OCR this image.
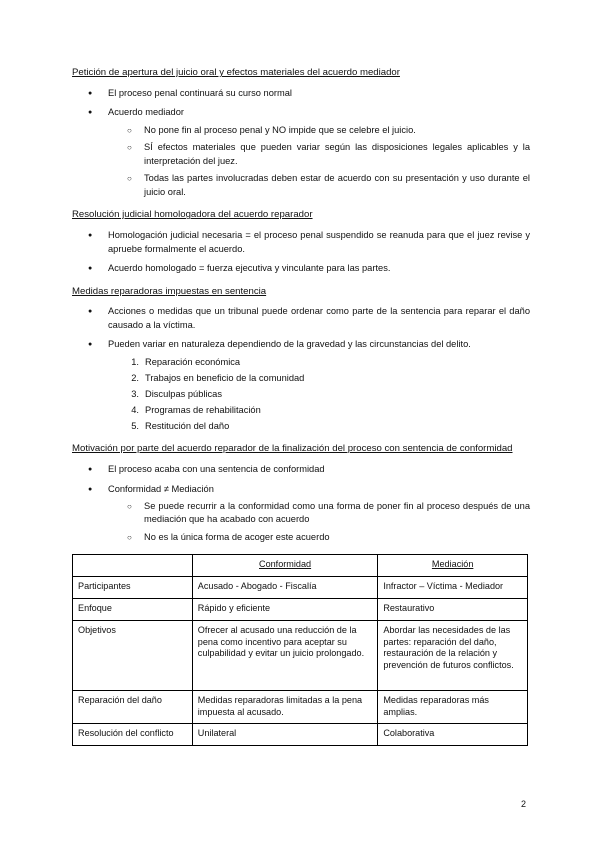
Petición de apertura del juicio oral y efectos materiales del acuerdo mediador
● El proceso penal continuará su curso normal
● Acuerdo mediador
○ No pone fin al proceso penal y NO impide que se celebre el juicio.
○ SÍ efectos materiales que pueden variar según las disposiciones legales aplicables y la interpretación del juez.
○ Todas las partes involucradas deben estar de acuerdo con su presentación y uso durante el juicio oral.
Resolución judicial homologadora del acuerdo reparador
● Homologación judicial necesaria = el proceso penal suspendido se reanuda para que el juez revise y apruebe formalmente el acuerdo.
● Acuerdo homologado = fuerza ejecutiva y vinculante para las partes.
Medidas reparadoras impuestas en sentencia
● Acciones o medidas que un tribunal puede ordenar como parte de la sentencia para reparar el daño causado a la víctima.
● Pueden variar en naturaleza dependiendo de la gravedad y las circunstancias del delito.
1. Reparación económica
2. Trabajos en beneficio de la comunidad
3. Disculpas públicas
4. Programas de rehabilitación
5. Restitución del daño
Motivación por parte del acuerdo reparador de la finalización del proceso con sentencia de conformidad
● El proceso acaba con una sentencia de conformidad
● Conformidad ≠ Mediación
○ Se puede recurrir a la conformidad como una forma de poner fin al proceso después de una mediación que ha acabado con acuerdo
○ No es la única forma de acoger este acuerdo
	Conformidad	Mediación
Participantes	Acusado - Abogado - Fiscalía	Infractor – Víctima - Mediador
Enfoque	Rápido y eficiente	Restaurativo
Objetivos	Ofrecer al acusado una reducción de la pena como incentivo para aceptar su culpabilidad y evitar un juicio prolongado.	Abordar las necesidades de las partes: reparación del daño, restauración de la relación y prevención de futuros conflictos.
Reparación del daño	Medidas reparadoras limitadas a la pena impuesta al acusado.	Medidas reparadoras más amplias.
Resolución del conflicto	Unilateral	Colaborativa
2
